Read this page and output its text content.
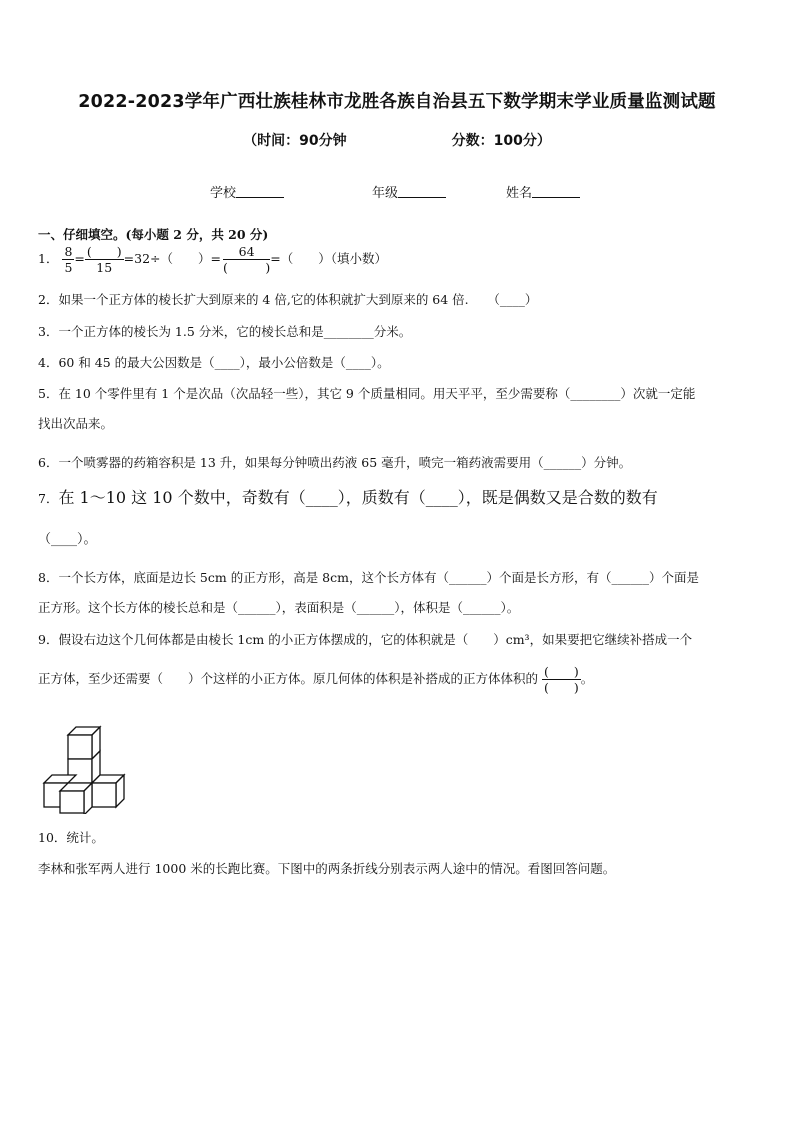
2022-2023学年广西壮族桂林市龙胜各族自治县五下数学期末学业质量监测试题
（时间：90分钟	分数：100分）
学校	年级	姓名
一、仔细填空。(每小题 2 分，共 20 分)
1． $\frac{8}{5} = \frac{( )}{15} =32\div$（　　）= $\frac{64}{( )}$ =（　　）（填小数）
2．如果一个正方体的棱长扩大到原来的 4 倍,它的体积就扩大到原来的 64 倍.　　（____）
3．一个正方体的棱长为 1.5 分米，它的棱长总和是________分米。
4．60 和 45 的最大公因数是（____），最小公倍数是（____）。
5．在 10 个零件里有 1 个是次品（次品轻一些），其它 9 个质量相同。用天平平，至少需要称（________）次就一定能
找出次品来。
6．一个喷雾器的药箱容积是 13 升，如果每分钟喷出药液 65 毫升，喷完一箱药液需要用（______）分钟。
7．在 1～10 这 10 个数中，奇数有（____），质数有（____），既是偶数又是合数的数有
（____）。
8．一个长方体，底面是边长 5cm 的正方形，高是 8cm，这个长方体有（______）个面是长方形，有（______）个面是
正方形。这个长方体的棱长总和是（______），表面积是（______），体积是（______）。
9．假设右边这个几何体都是由棱长 1cm 的小正方体摆成的，它的体积就是（　　）cm³，如果要把它继续补搭成一个
正方体，至少还需要（　　）个这样的小正方体。原几何体的体积是补搭成的正方体体积的 $\frac{( )}{( )}$ 。
10．统计。
李林和张军两人进行 1000 米的长跑比赛。下图中的两条折线分别表示两人途中的情况。看图回答问题。
